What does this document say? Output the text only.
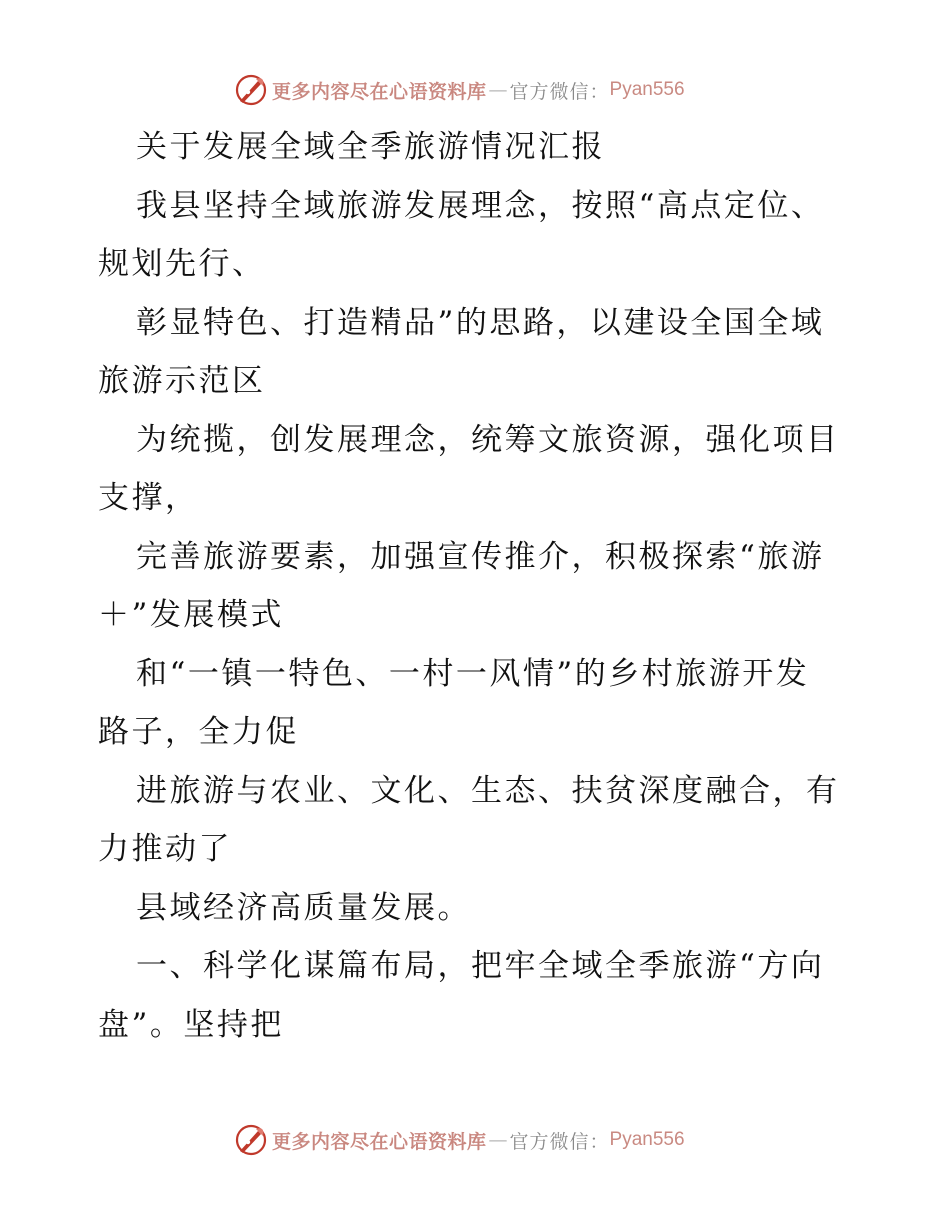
更多内容尽在心语资料库 — 官方微信： Pyan556
关于发展全域全季旅游情况汇报
我县坚持全域旅游发展理念，按照“高点定位、
规划先行、
彰显特色、打造精品”的思路，以建设全国全域
旅游示范区
为统揽，创发展理念，统筹文旅资源，强化项目
支撑，
完善旅游要素，加强宣传推介，积极探索“旅游
＋”发展模式
和“一镇一特色、一村一风情”的乡村旅游开发
路子，全力促
进旅游与农业、文化、生态、扶贫深度融合，有
力推动了
县域经济高质量发展。
一、科学化谋篇布局，把牢全域全季旅游“方向
盘”。坚持把
更多内容尽在心语资料库 — 官方微信： Pyan556
